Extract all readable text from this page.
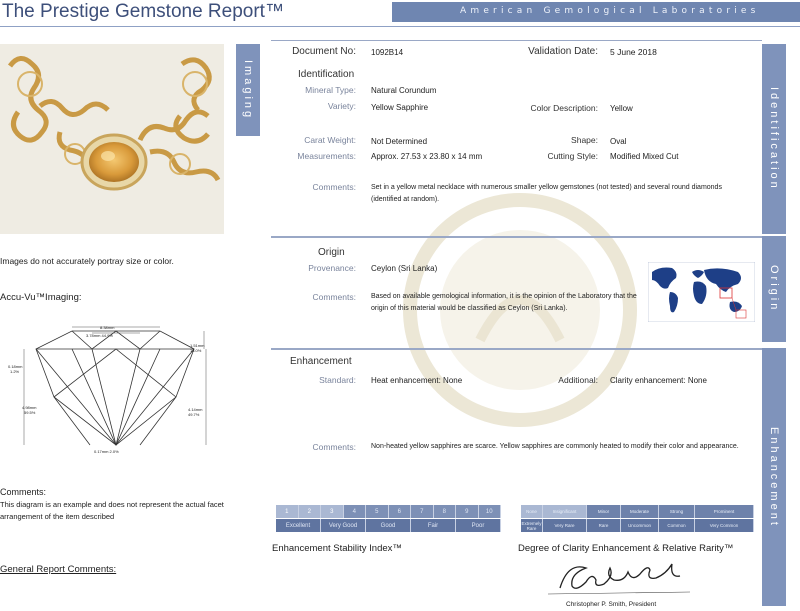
The Prestige Gemstone Report™	American Gemological Laboratories
Imaging
Images do not accurately portray size or color.
Accu-Vu™Imaging:
8.38mm
3.78mm 44.9%
0.18mm
1.2%
1.51mm
18.0%
4.98mm
59.5%
4.14mm
49.7%
0.17mm 2.0%
Comments:
This diagram is an example and does not represent the actual facet arrangement of the item described
General Report Comments:
Identification
Origin
Enhancement
Document No: 1092B14	Validation Date: 5 June 2018
Identification
Mineral Type: Natural Corundum
Variety: Yellow Sapphire	Color Description: Yellow
Carat Weight: Not Determined	Shape: Oval
Measurements: Approx. 27.53 x 23.80 x 14 mm	Cutting Style: Modified Mixed Cut
Comments: Set in a yellow metal necklace with numerous smaller yellow gemstones (not tested) and several round diamonds (identified at random).
Origin
Provenance: Ceylon (Sri Lanka)
Comments: Based on available gemological information, it is the opinion of the Laboratory that the origin of this material would be classified as Ceylon (Sri Lanka).
Enhancement
Standard: Heat enhancement: None	Additional: Clarity enhancement: None
Comments: Non-heated yellow sapphires are scarce. Yellow sapphires are commonly heated to modify their color and appearance.
1	2	3	4	5	6	7	8	9	10
Excellent	Very Good	Good	Fair	Poor
Enhancement Stability Index™
None	Insignificant	Minor	Moderate	Strong	Prominent
Extremely Rare	Very Rare	Rare	Uncommon	Common	Very Common
Degree of Clarity Enhancement & Relative Rarity™
Christopher P. Smith, President
